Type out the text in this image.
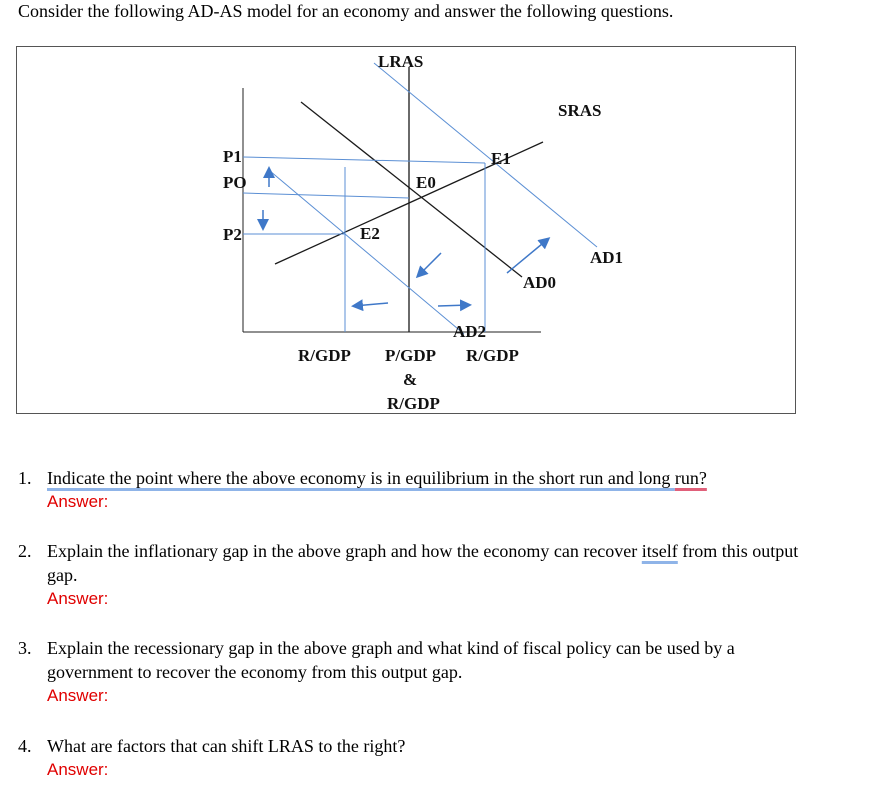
Consider the following AD-AS model for an economy and answer the following questions.
LRAS
SRAS
AD1
AD0
AD2
P1
PO
P2
E1
E0
E2
R/GDP P/GDP R/GDP
&
R/GDP
1. Indicate the point where the above economy is in equilibrium in the short run and long run?
Answer:
2. Explain the inflationary gap in the above graph and how the economy can recover itself from this output gap.
Answer:
3. Explain the recessionary gap in the above graph and what kind of fiscal policy can be used by a government to recover the economy from this output gap.
Answer:
4. What are factors that can shift LRAS to the right?
Answer:
